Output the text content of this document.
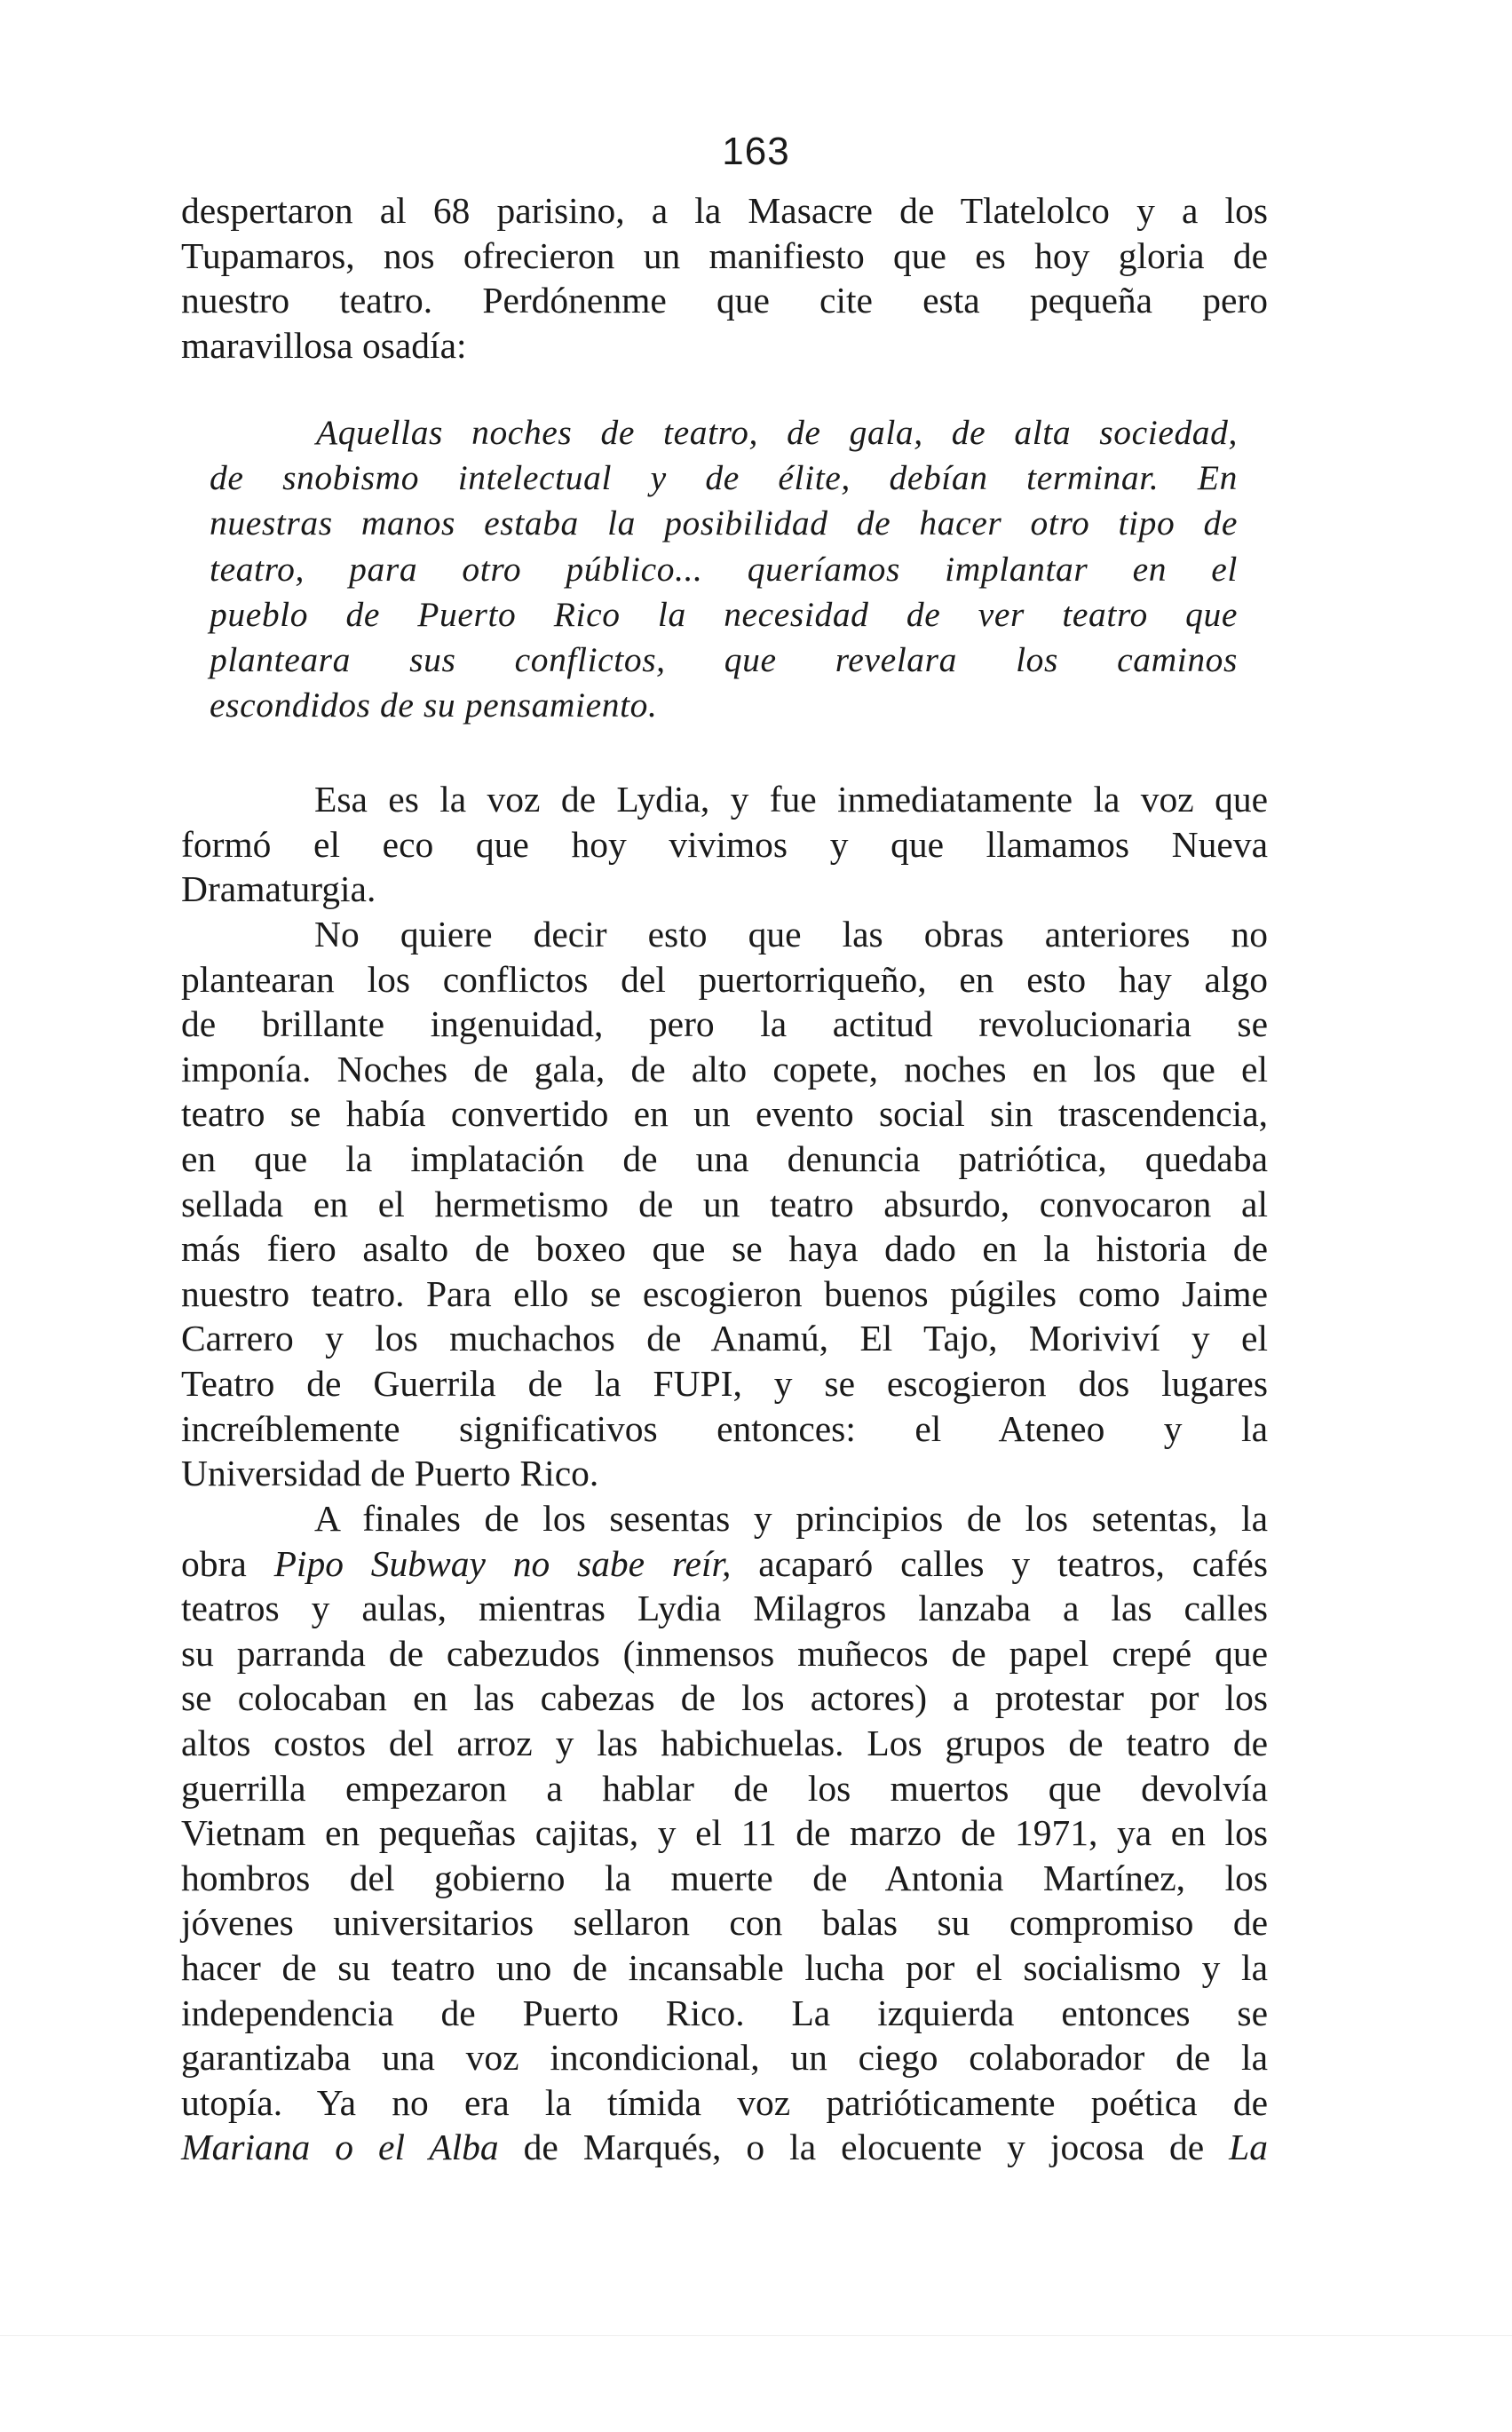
163

despertaron al 68 parisino, a la Masacre de Tlatelolco y a los
Tupamaros, nos ofrecieron un manifiesto que es hoy gloria de
nuestro teatro. Perdónenme que cite esta pequeña pero
maravillosa osadía:

Aquellas noches de teatro, de gala, de alta sociedad,
de snobismo intelectual y de élite, debían terminar. En
nuestras manos estaba la posibilidad de hacer otro tipo de
teatro, para otro público... queríamos implantar en el
pueblo de Puerto Rico la necesidad de ver teatro que
planteara sus conflictos, que revelara los caminos
escondidos de su pensamiento.

Esa es la voz de Lydia, y fue inmediatamente la voz que
formó el eco que hoy vivimos y que llamamos Nueva
Dramaturgia.

No quiere decir esto que las obras anteriores no
plantearan los conflictos del puertorriqueño, en esto hay algo
de brillante ingenuidad, pero la actitud revolucionaria se
imponía. Noches de gala, de alto copete, noches en los que el
teatro se había convertido en un evento social sin trascendencia,
en que la implatación de una denuncia patriótica, quedaba
sellada en el hermetismo de un teatro absurdo, convocaron al
más fiero asalto de boxeo que se haya dado en la historia de
nuestro teatro. Para ello se escogieron buenos púgiles como Jaime
Carrero y los muchachos de Anamú, El Tajo, Moriviví y el
Teatro de Guerrila de la FUPI, y se escogieron dos lugares
increíblemente significativos entonces: el Ateneo y la
Universidad de Puerto Rico.

A finales de los sesentas y principios de los setentas, la
obra Pipo Subway no sabe reír, acaparó calles y teatros, cafés
teatros y aulas, mientras Lydia Milagros lanzaba a las calles
su parranda de cabezudos (inmensos muñecos de papel crepé que
se colocaban en las cabezas de los actores) a protestar por los
altos costos del arroz y las habichuelas. Los grupos de teatro de
guerrilla empezaron a hablar de los muertos que devolvía
Vietnam en pequeñas cajitas, y el 11 de marzo de 1971, ya en los
hombros del gobierno la muerte de Antonia Martínez, los
jóvenes universitarios sellaron con balas su compromiso de
hacer de su teatro uno de incansable lucha por el socialismo y la
independencia de Puerto Rico. La izquierda entonces se
garantizaba una voz incondicional, un ciego colaborador de la
utopía. Ya no era la tímida voz patrióticamente poética de
Mariana o el Alba de Marqués, o la elocuente y jocosa de La
